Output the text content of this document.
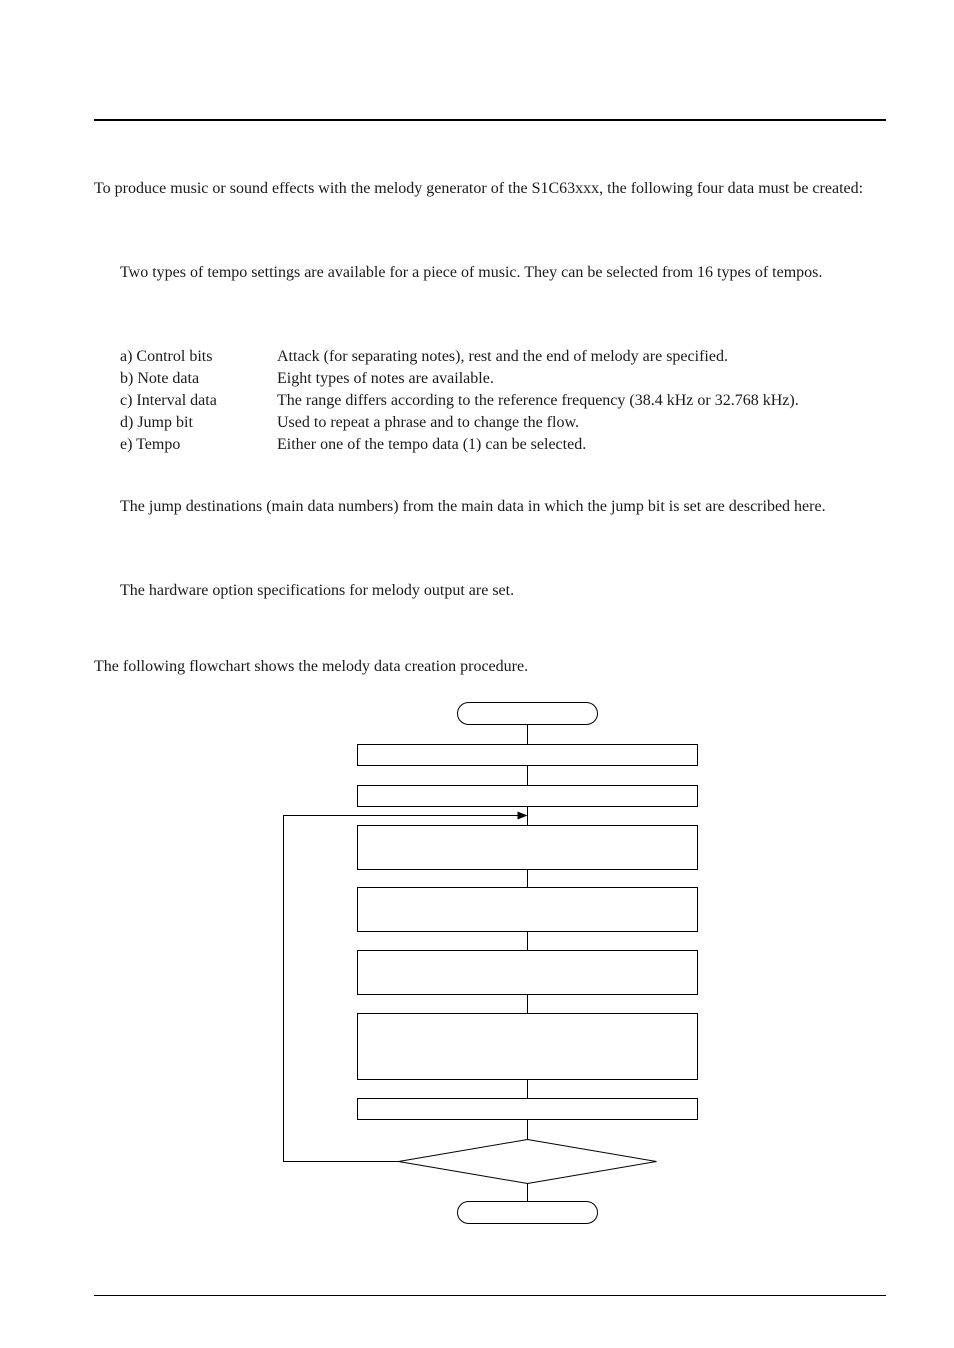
To produce music or sound effects with the melody generator of the S1C63xxx, the following four data must be created:

Two types of tempo settings are available for a piece of music. They can be selected from 16 types of tempos.

a) Control bits	Attack (for separating notes), rest and the end of melody are specified.
b) Note data	Eight types of notes are available.
c) Interval data	The range differs according to the reference frequency (38.4 kHz or 32.768 kHz).
d) Jump bit	Used to repeat a phrase and to change the flow.
e) Tempo	Either one of the tempo data (1) can be selected.

The jump destinations (main data numbers) from the main data in which the jump bit is set are described here.

The hardware option specifications for melody output are set.

The following flowchart shows the melody data creation procedure.
